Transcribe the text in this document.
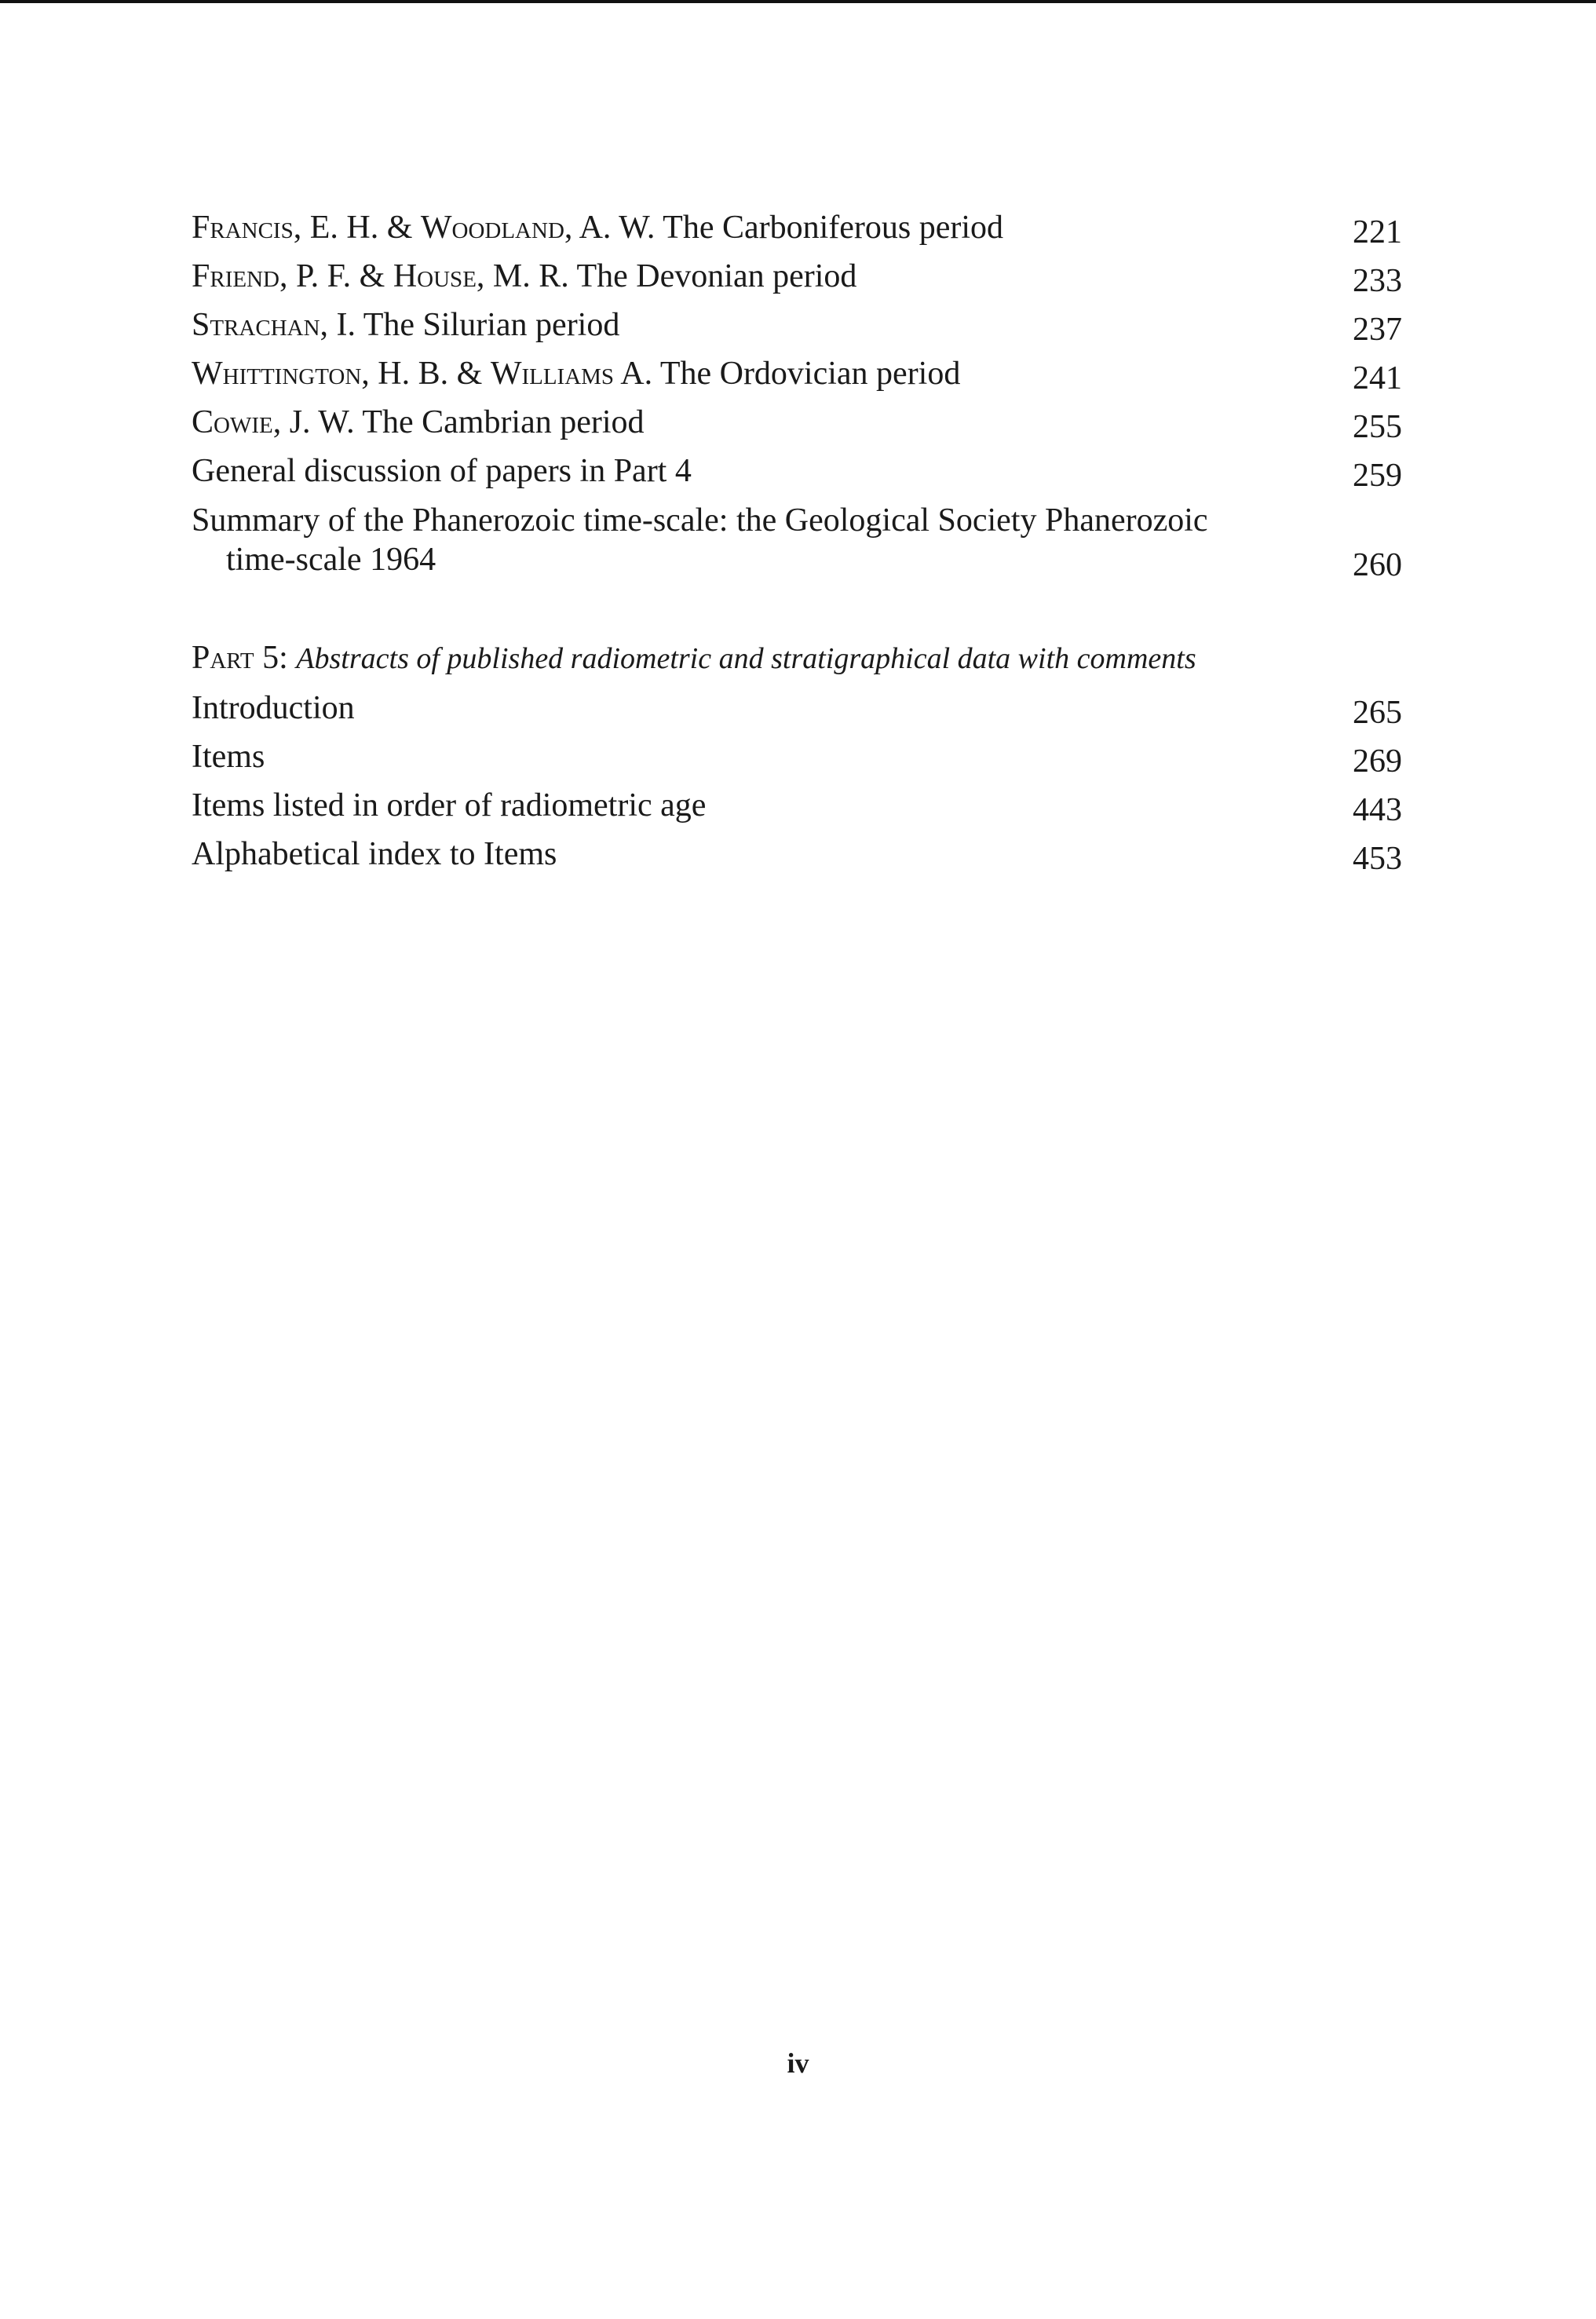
Francis, E. H. & Woodland, A. W. The Carboniferous period	221
Friend, P. F. & House, M. R. The Devonian period	233
Strachan, I. The Silurian period	237
Whittington, H. B. & Williams A. The Ordovician period	241
Cowie, J. W. The Cambrian period	255
General discussion of papers in Part 4	259
Summary of the Phanerozoic time-scale: the Geological Society Phanerozoic
time-scale 1964	260
Part 5: Abstracts of published radiometric and stratigraphical data with comments
Introduction	265
Items	269
Items listed in order of radiometric age	443
Alphabetical index to Items	453
iv
